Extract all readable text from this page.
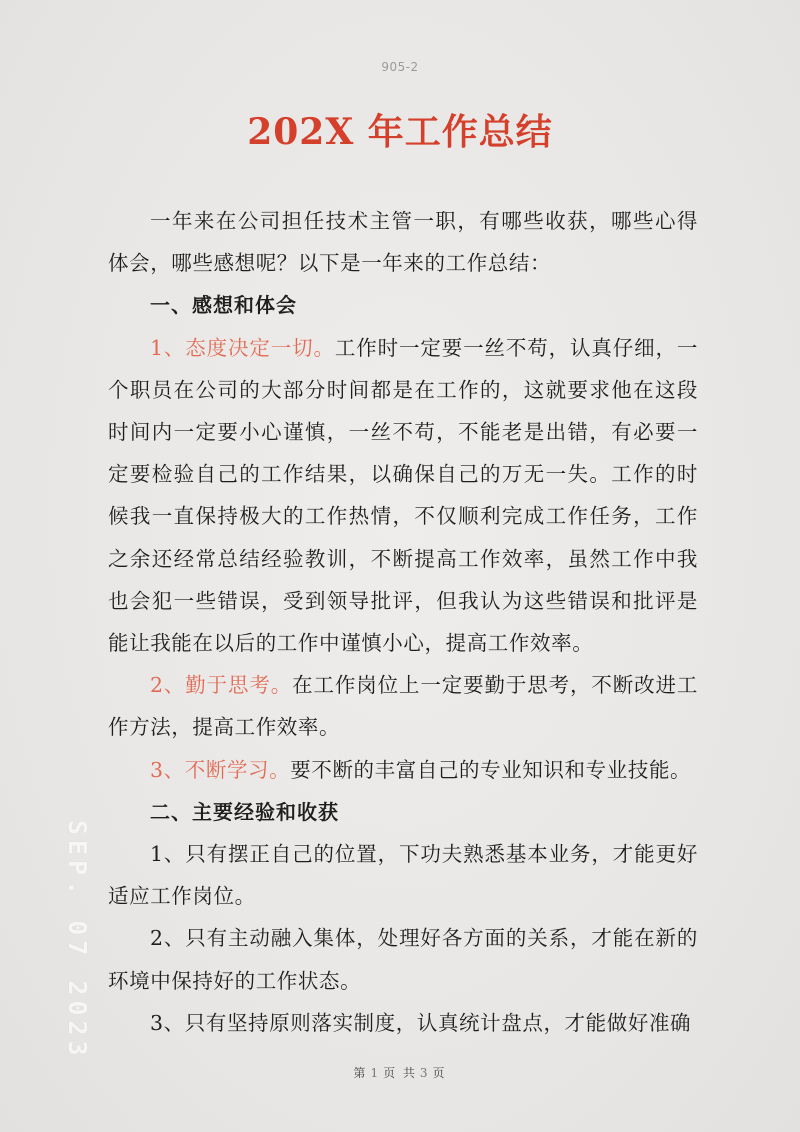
905-2
202X 年工作总结

一年来在公司担任技术主管一职，有哪些收获，哪些心得体会，哪些感想呢？以下是一年来的工作总结：

一、感想和体会

1、态度决定一切。工作时一定要一丝不苟，认真仔细，一个职员在公司的大部分时间都是在工作的，这就要求他在这段时间内一定要小心谨慎，一丝不苟，不能老是出错，有必要一定要检验自己的工作结果，以确保自己的万无一失。工作的时候我一直保持极大的工作热情，不仅顺利完成工作任务，工作之余还经常总结经验教训，不断提高工作效率，虽然工作中我也会犯一些错误，受到领导批评，但我认为这些错误和批评是能让我能在以后的工作中谨慎小心，提高工作效率。

2、勤于思考。在工作岗位上一定要勤于思考，不断改进工作方法，提高工作效率。

3、不断学习。要不断的丰富自己的专业知识和专业技能。

二、主要经验和收获

1、只有摆正自己的位置，下功夫熟悉基本业务，才能更好适应工作岗位。

2、只有主动融入集体，处理好各方面的关系，才能在新的环境中保持好的工作状态。

3、只有坚持原则落实制度，认真统计盘点，才能做好准确

SEP. 07 2023
第 1 页 共 3 页
